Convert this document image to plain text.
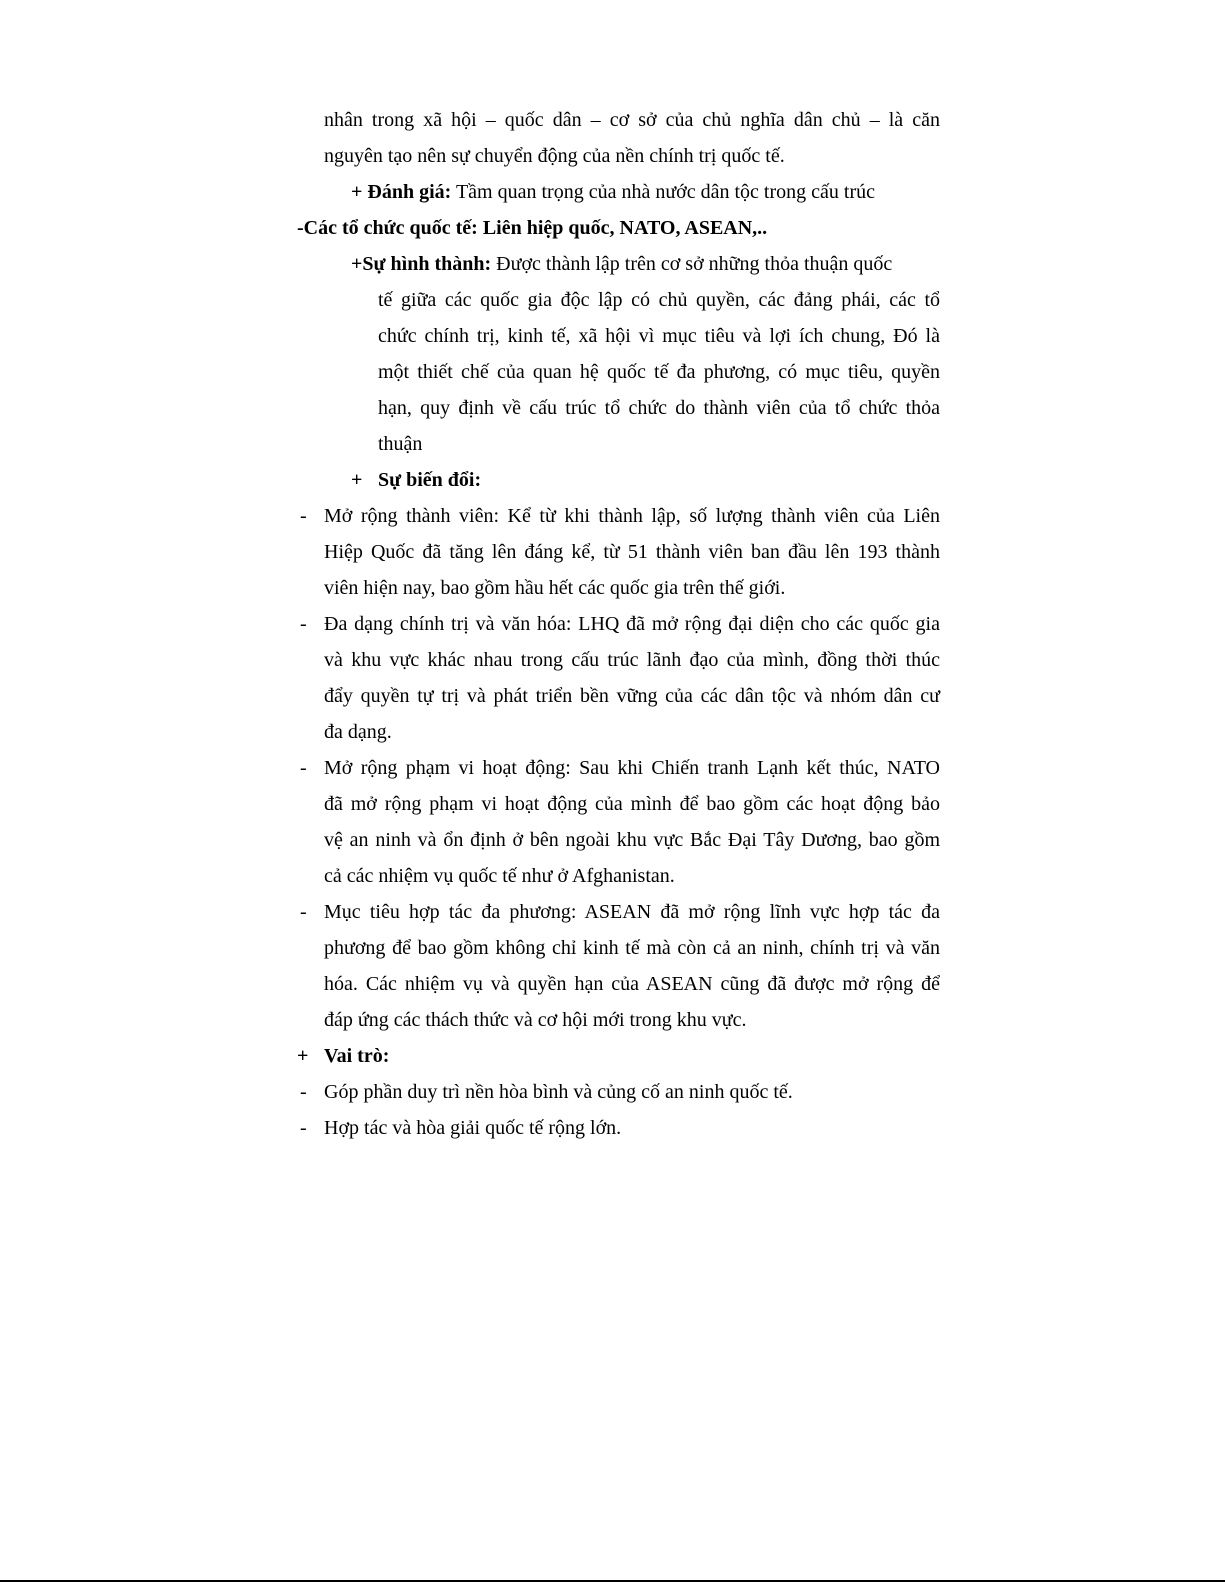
nhân trong xã hội – quốc dân – cơ sở của chủ nghĩa dân chủ – là căn
nguyên tạo nên sự chuyển động của nền chính trị quốc tế.
+ Đánh giá: Tầm quan trọng của nhà nước dân tộc trong cấu trúc
-Các tổ chức quốc tế: Liên hiệp quốc, NATO, ASEAN,..
+Sự hình thành: Được thành lập trên cơ sở những thỏa thuận quốc
tế giữa các quốc gia độc lập có chủ quyền, các đảng phái, các tổ
chức chính trị, kinh tế, xã hội vì mục tiêu và lợi ích chung, Đó là
một thiết chế của quan hệ quốc tế đa phương, có mục tiêu, quyền
hạn, quy định về cấu trúc tổ chức do thành viên của tổ chức thỏa
thuận
+ Sự biến đổi:
- Mở rộng thành viên: Kể từ khi thành lập, số lượng thành viên của Liên
Hiệp Quốc đã tăng lên đáng kể, từ 51 thành viên ban đầu lên 193 thành
viên hiện nay, bao gồm hầu hết các quốc gia trên thế giới.
- Đa dạng chính trị và văn hóa: LHQ đã mở rộng đại diện cho các quốc gia
và khu vực khác nhau trong cấu trúc lãnh đạo của mình, đồng thời thúc
đẩy quyền tự trị và phát triển bền vững của các dân tộc và nhóm dân cư
đa dạng.
- Mở rộng phạm vi hoạt động: Sau khi Chiến tranh Lạnh kết thúc, NATO
đã mở rộng phạm vi hoạt động của mình để bao gồm các hoạt động bảo
vệ an ninh và ổn định ở bên ngoài khu vực Bắc Đại Tây Dương, bao gồm
cả các nhiệm vụ quốc tế như ở Afghanistan.
- Mục tiêu hợp tác đa phương: ASEAN đã mở rộng lĩnh vực hợp tác đa
phương để bao gồm không chỉ kinh tế mà còn cả an ninh, chính trị và văn
hóa. Các nhiệm vụ và quyền hạn của ASEAN cũng đã được mở rộng để
đáp ứng các thách thức và cơ hội mới trong khu vực.
+ Vai trò:
- Góp phần duy trì nền hòa bình và củng cố an ninh quốc tế.
- Hợp tác và hòa giải quốc tế rộng lớn.
